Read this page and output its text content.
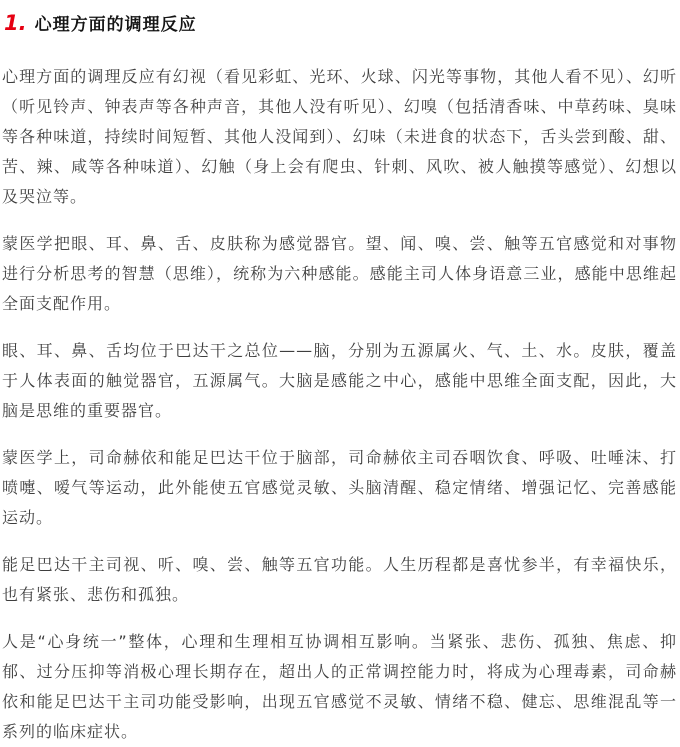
1. 心理方面的调理反应

心理方面的调理反应有幻视（看见彩虹、光环、火球、闪光等事物，其他人看不见）、幻听（听见铃声、钟表声等各种声音，其他人没有听见）、幻嗅（包括清香味、中草药味、臭味等各种味道，持续时间短暂、其他人没闻到）、幻味（未进食的状态下，舌头尝到酸、甜、苦、辣、咸等各种味道）、幻触（身上会有爬虫、针刺、风吹、被人触摸等感觉）、幻想以及哭泣等。

蒙医学把眼、耳、鼻、舌、皮肤称为感觉器官。望、闻、嗅、尝、触等五官感觉和对事物进行分析思考的智慧（思维），统称为六种感能。感能主司人体身语意三业，感能中思维起全面支配作用。

眼、耳、鼻、舌均位于巴达干之总位——脑，分别为五源属火、气、土、水。皮肤，覆盖于人体表面的触觉器官，五源属气。大脑是感能之中心，感能中思维全面支配，因此，大脑是思维的重要器官。

蒙医学上，司命赫依和能足巴达干位于脑部，司命赫依主司吞咽饮食、呼吸、吐唾沫、打喷嚏、嗳气等运动，此外能使五官感觉灵敏、头脑清醒、稳定情绪、增强记忆、完善感能运动。

能足巴达干主司视、听、嗅、尝、触等五官功能。人生历程都是喜忧参半，有幸福快乐，也有紧张、悲伤和孤独。

人是“心身统一”整体，心理和生理相互协调相互影响。当紧张、悲伤、孤独、焦虑、抑郁、过分压抑等消极心理长期存在，超出人的正常调控能力时，将成为心理毒素，司命赫依和能足巴达干主司功能受影响，出现五官感觉不灵敏、情绪不稳、健忘、思维混乱等一系列的临床症状。
